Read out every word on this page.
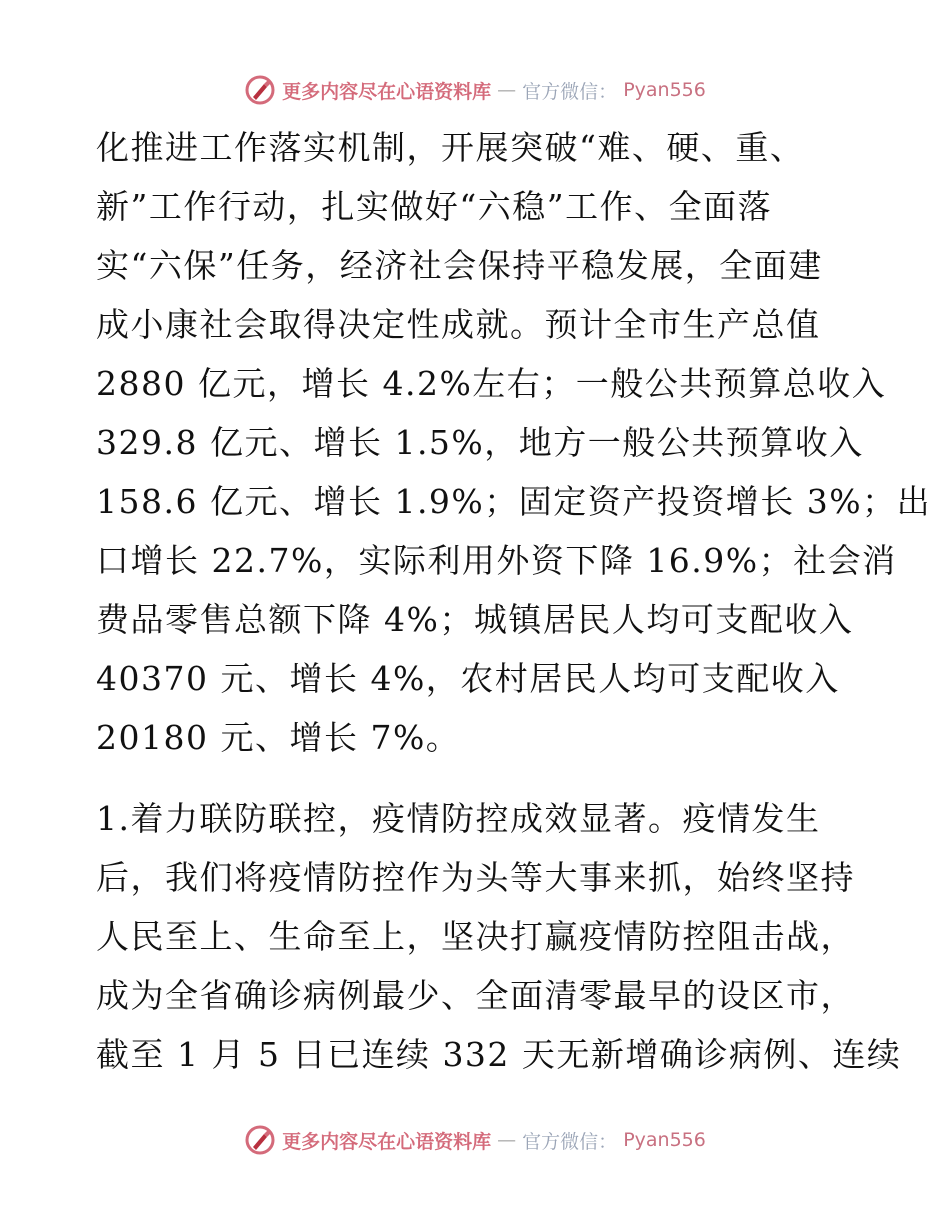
更多内容尽在心语资料库 — 官方微信： Pyan556
化推进工作落实机制，开展突破“难、硬、重、
新”工作行动，扎实做好“六稳”工作、全面落
实“六保”任务，经济社会保持平稳发展，全面建
成小康社会取得决定性成就。预计全市生产总值
2880 亿元，增长 4.2%左右；一般公共预算总收入
329.8 亿元、增长 1.5%，地方一般公共预算收入
158.6 亿元、增长 1.9%；固定资产投资增长 3%；出
口增长 22.7%，实际利用外资下降 16.9%；社会消
费品零售总额下降 4%；城镇居民人均可支配收入
40370 元、增长 4%，农村居民人均可支配收入
20180 元、增长 7%。
1.着力联防联控，疫情防控成效显著。疫情发生
后，我们将疫情防控作为头等大事来抓，始终坚持
人民至上、生命至上，坚决打赢疫情防控阻击战，
成为全省确诊病例最少、全面清零最早的设区市，
截至 1 月 5 日已连续 332 天无新增确诊病例、连续
更多内容尽在心语资料库 — 官方微信： Pyan556
